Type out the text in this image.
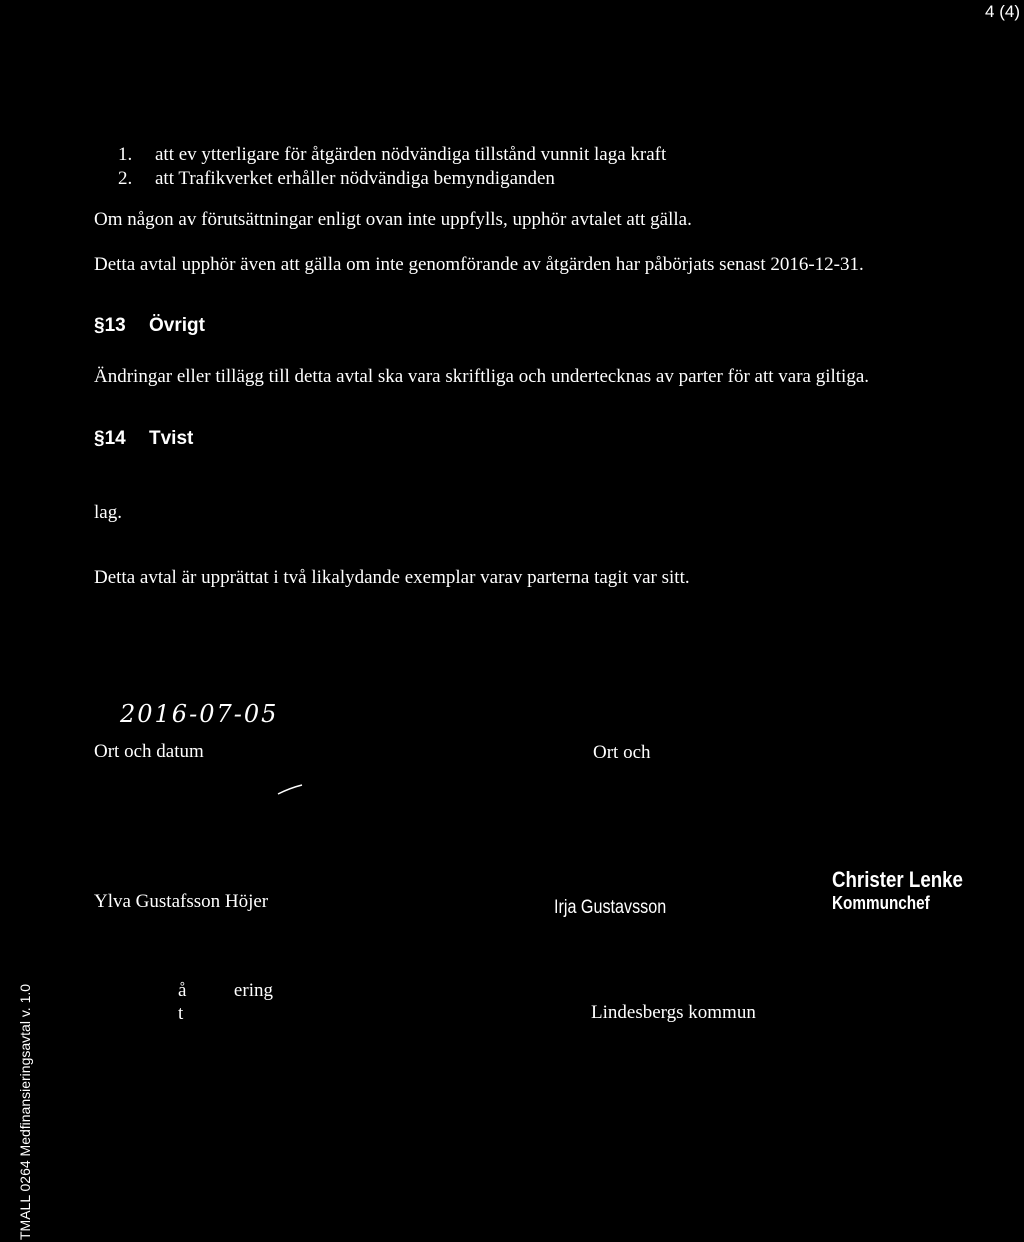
4 (4)
1. att ev ytterligare för åtgärden nödvändiga tillstånd vunnit laga kraft
2. att Trafikverket erhåller nödvändiga bemyndiganden
Om någon av förutsättningar enligt ovan inte uppfylls, upphör avtalet att gälla.
Detta avtal upphör även att gälla om inte genomförande av åtgärden har påbörjats senast 2016-12-31.
§13 Övrigt
Ändringar eller tillägg till detta avtal ska vara skriftliga och undertecknas av parter för att vara giltiga.
§14 Tvist
lag.
Detta avtal är upprättat i två likalydande exemplar varav parterna tagit var sitt.
2016-07-05
Ort och datum	Ort och
Ylva Gustafsson Höjer	Irja Gustavsson
Christer Lenke
Kommunchef
å          ering
t	Lindesbergs kommun
TMALL 0264 Medfinansieringsavtal v. 1.0
